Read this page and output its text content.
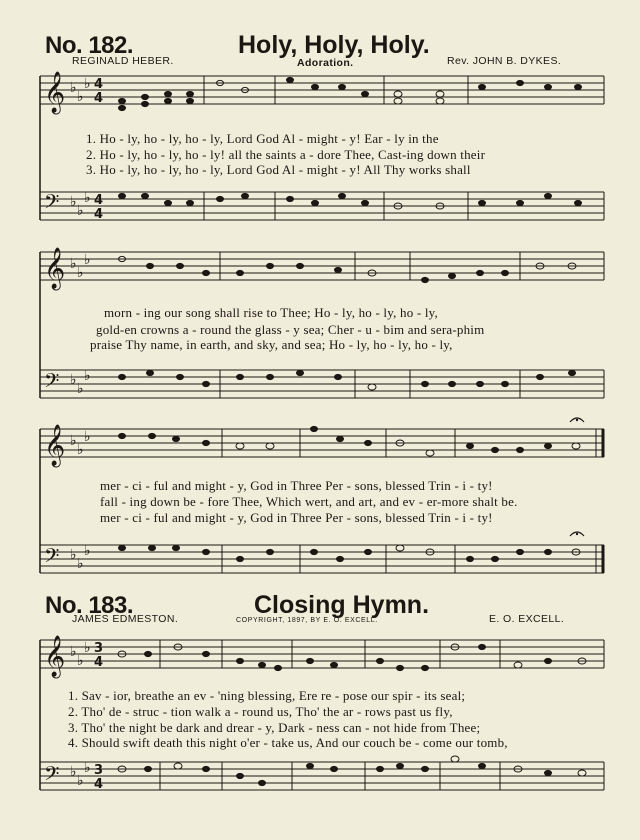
No. 182.	Holy, Holy, Holy.
REGINALD HEBER.	Adoration.	Rev. JOHN B. DYKES.
𝄞
𝄢
𝄞
𝄢
𝄞
𝄢
𝄞
𝄢
♭
♭
♭
♭
♭
♭
♭
♭
♭
♭
♭
♭
♭
♭
♭
♭
♭
♭
♭
♭
♭
♭
♭
♭
4
4
4
4
3
4
3
4
1. Ho - ly, ho - ly, ho - ly, Lord God Al - might - y! Ear - ly in the
2. Ho - ly, ho - ly, ho - ly! all the saints a - dore Thee, Cast-ing down their
3. Ho - ly, ho - ly, ho - ly, Lord God Al - might - y! All Thy works shall
morn - ing our song shall rise to Thee; Ho - ly, ho - ly, ho - ly,
gold-en crowns a - round the glass - y sea; Cher - u - bim and sera-phim
praise Thy name, in earth, and sky, and sea; Ho - ly, ho - ly, ho - ly,
mer - ci - ful and might - y, God in Three Per - sons, blessed Trin - i - ty!
fall - ing down be - fore Thee, Which wert, and art, and ev - er-more shalt be.
mer - ci - ful and might - y, God in Three Per - sons, blessed Trin - i - ty!
No. 183.	Closing Hymn.
JAMES EDMESTON.	COPYRIGHT, 1897, BY E. O. EXCELL.	E. O. EXCELL.
1. Sav - ior, breathe an ev - 'ning blessing, Ere re - pose our spir - its seal;
2. Tho' de - struc - tion walk a - round us, Tho' the ar - rows past us fly,
3. Tho' the night be dark and drear - y, Dark - ness can - not hide from Thee;
4. Should swift death this night o'er - take us, And our couch be - come our tomb,
